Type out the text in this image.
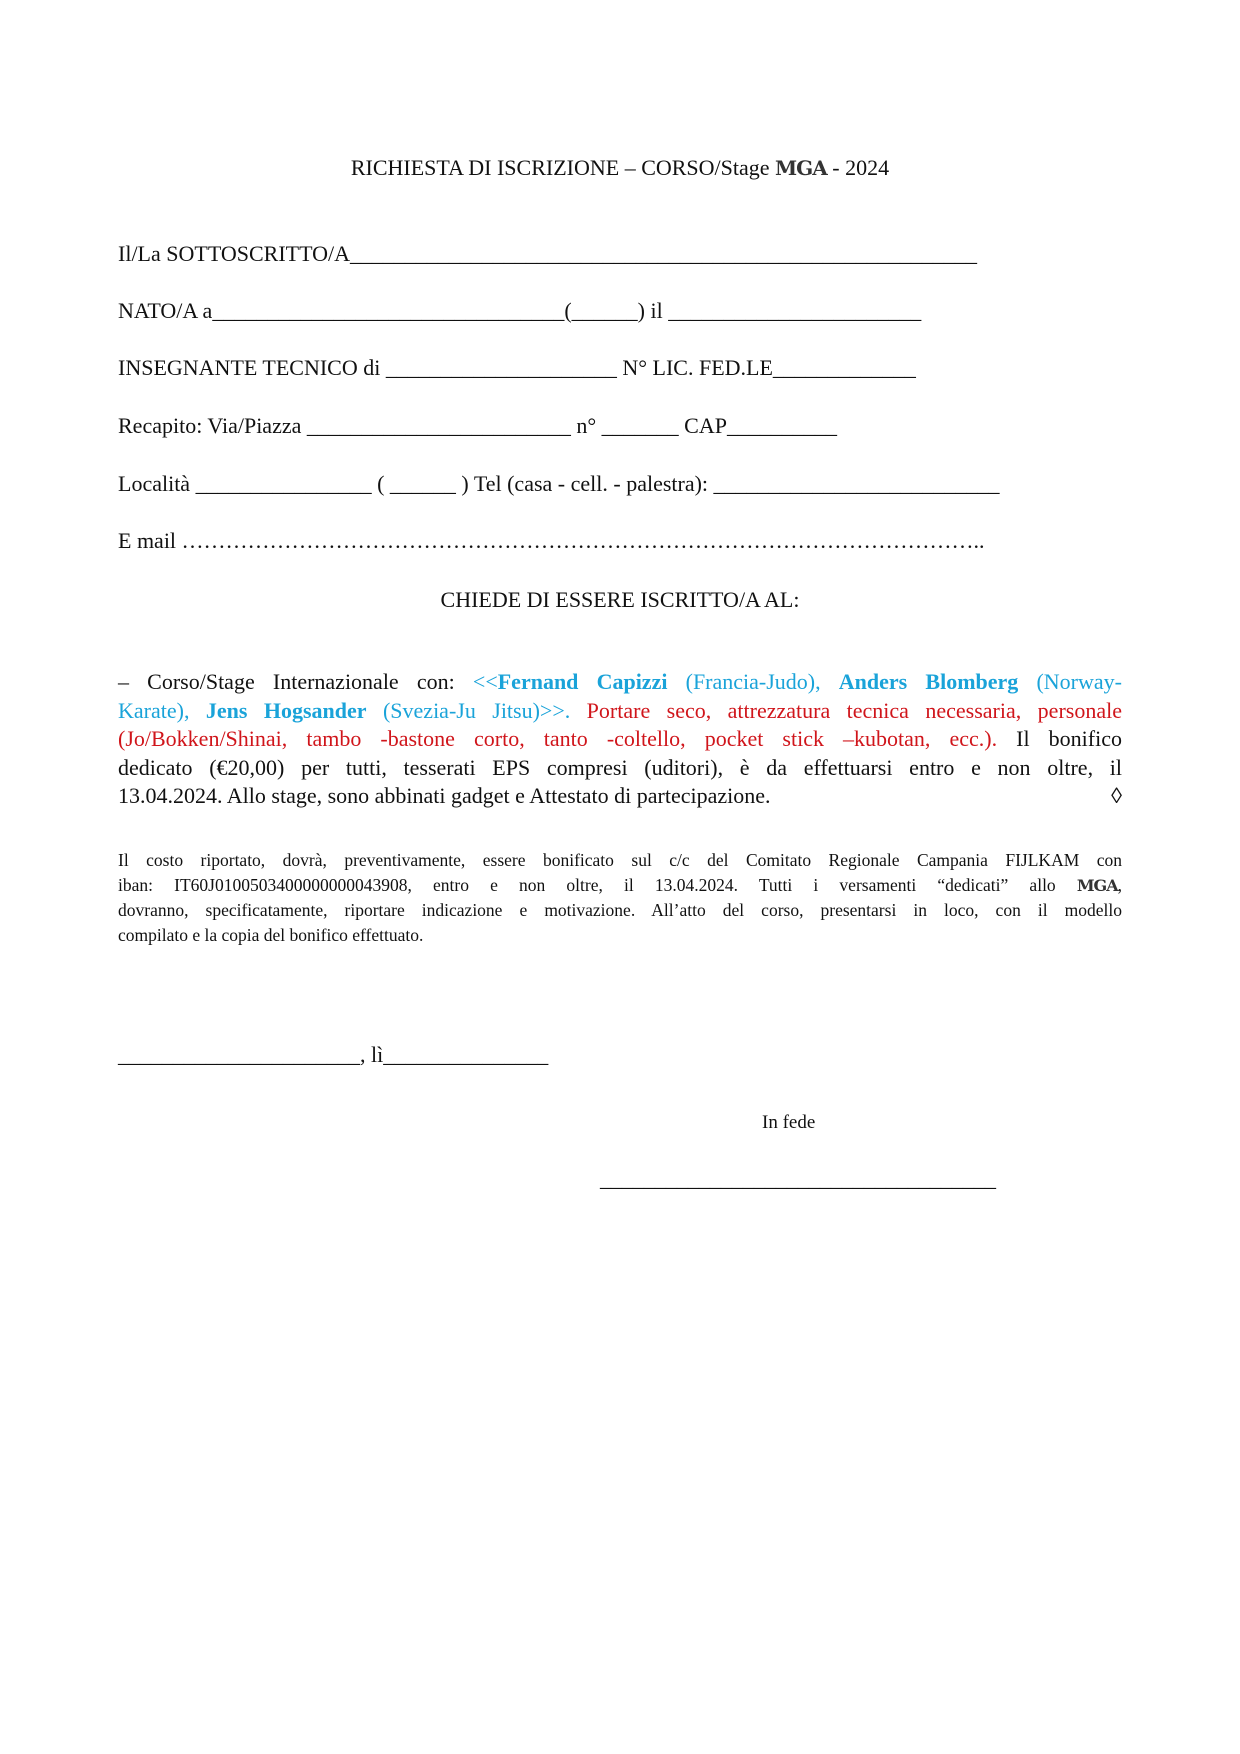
RICHIESTA DI ISCRIZIONE – CORSO/Stage MGA - 2024
Il/La SOTTOSCRITTO/A_________________________________________________________
NATO/A a________________________________(______) il _______________________
INSEGNANTE TECNICO di _____________________ N° LIC. FED.LE_____________
Recapito: Via/Piazza ________________________ n° _______ CAP__________
Località ________________ ( ______ ) Tel (casa - cell. - palestra): __________________________
E mail ………………………………………………………………………………………………..
CHIEDE DI ESSERE ISCRITTO/A AL:
– Corso/Stage Internazionale con: <<Fernand Capizzi (Francia-Judo), Anders Blomberg (Norway-
Karate), Jens Hogsander (Svezia-Ju Jitsu)>>. Portare seco, attrezzatura tecnica necessaria, personale
(Jo/Bokken/Shinai, tambo -bastone corto, tanto -coltello, pocket stick –kubotan, ecc.). Il bonifico
dedicato (€20,00) per tutti, tesserati EPS compresi (uditori), è da effettuarsi entro e non oltre, il
13.04.2024. Allo stage, sono abbinati gadget e Attestato di partecipazione.	◊
Il costo riportato, dovrà, preventivamente, essere bonificato sul c/c del Comitato Regionale Campania FIJLKAM con
iban: IT60J0100503400000000043908, entro e non oltre, il 13.04.2024. Tutti i versamenti “dedicati” allo MGA,
dovranno, specificatamente, riportare indicazione e motivazione. All’atto del corso, presentarsi in loco, con il modello
compilato e la copia del bonifico effettuato.
______________________, lì_______________
In fede
____________________________________
